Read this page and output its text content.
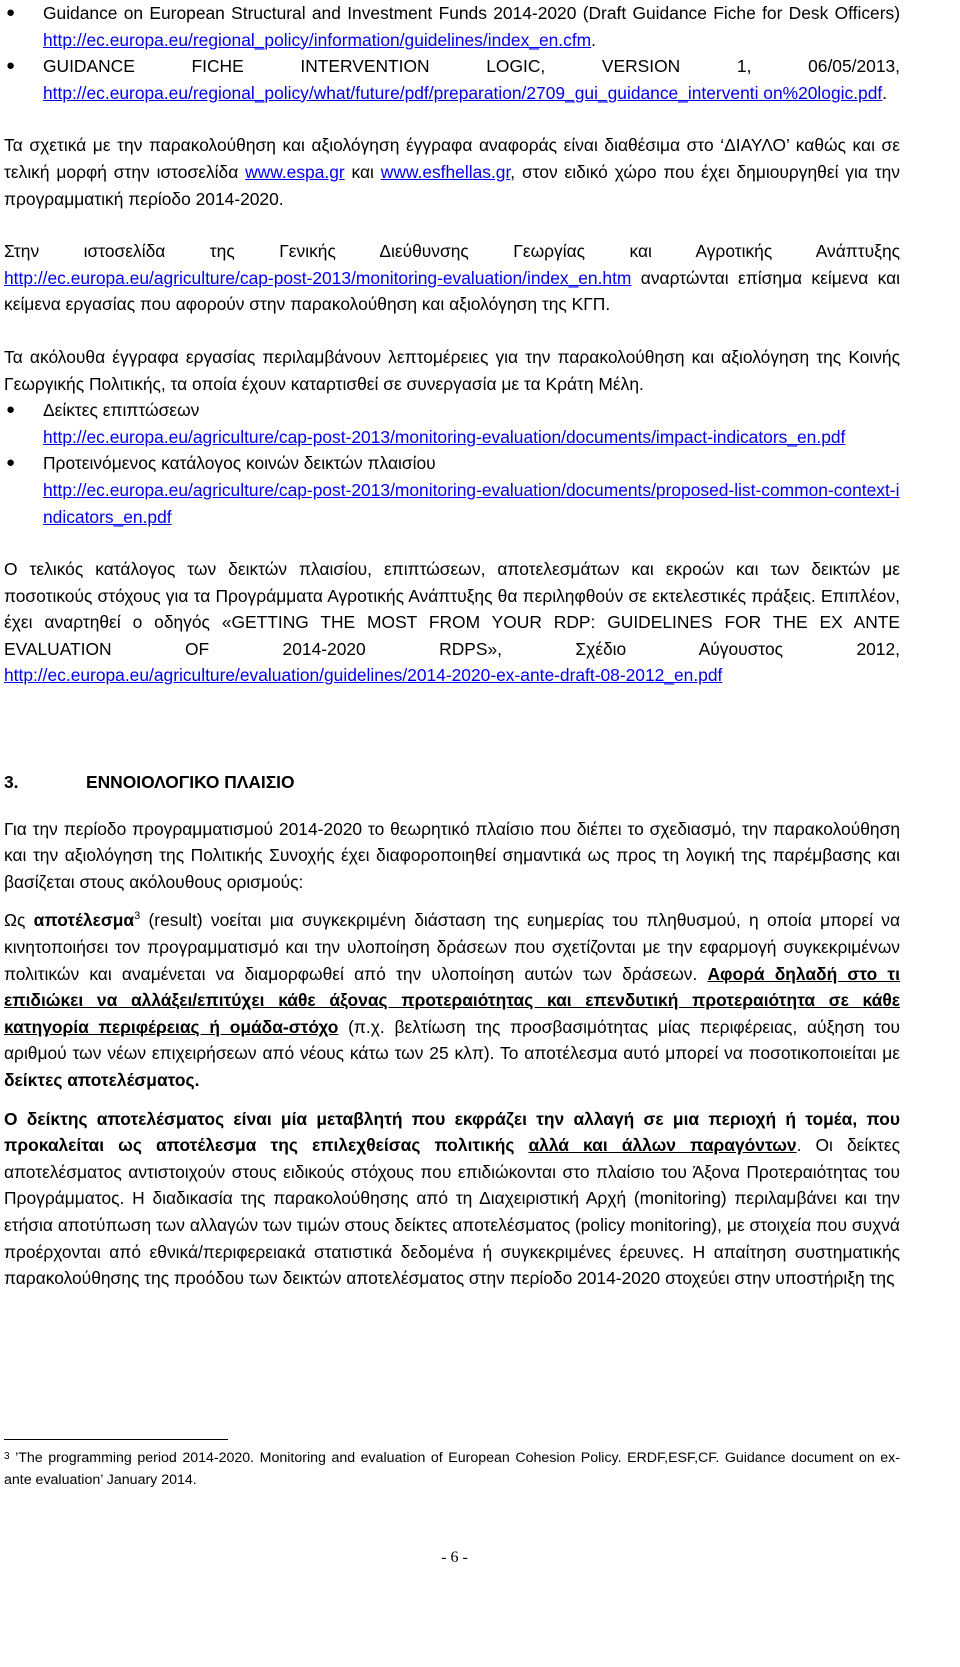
● Guidance on European Structural and Investment Funds 2014-2020 (Draft Guidance Fiche for Desk Officers) http://ec.europa.eu/regional_policy/information/guidelines/index_en.cfm.
● GUIDANCE FICHE INTERVENTION LOGIC, VERSION 1, 06/05/2013,
http://ec.europa.eu/regional_policy/what/future/pdf/preparation/2709_gui_guidance_interventi on%20logic.pdf.

Τα σχετικά με την παρακολούθηση και αξιολόγηση έγγραφα αναφοράς είναι διαθέσιμα στο ‘ΔΙΑΥΛΟ’ καθώς και σε τελική μορφή στην ιστοσελίδα www.espa.gr και www.esfhellas.gr, στον ειδικό χώρο που έχει δημιουργηθεί για την προγραμματική περίοδο 2014-2020.

Στην ιστοσελίδα της Γενικής Διεύθυνσης Γεωργίας και Αγροτικής Ανάπτυξης
http://ec.europa.eu/agriculture/cap-post-2013/monitoring-evaluation/index_en.htm αναρτώνται επίσημα κείμενα και κείμενα εργασίας που αφορούν στην παρακολούθηση και αξιολόγηση της ΚΓΠ.

Τα ακόλουθα έγγραφα εργασίας περιλαμβάνουν λεπτομέρειες για την παρακολούθηση και αξιολόγηση της Κοινής Γεωργικής Πολιτικής, τα οποία έχουν καταρτισθεί σε συνεργασία με τα Κράτη Μέλη.

● Δείκτες επιπτώσεων
http://ec.europa.eu/agriculture/cap-post-2013/monitoring-evaluation/documents/impact-indicators_en.pdf
● Προτεινόμενος κατάλογος κοινών δεικτών πλαισίου
http://ec.europa.eu/agriculture/cap-post-2013/monitoring-evaluation/documents/proposed-list-common-context-indicators_en.pdf

Ο τελικός κατάλογος των δεικτών πλαισίου, επιπτώσεων, αποτελεσμάτων και εκροών και των δεικτών με ποσοτικούς στόχους για τα Προγράμματα Αγροτικής Ανάπτυξης θα περιληφθούν σε εκτελεστικές πράξεις. Επιπλέον, έχει αναρτηθεί ο οδηγός «GETTING THE MOST FROM YOUR RDP: GUIDELINES FOR THE EX ANTE EVALUATION OF 2014-2020 RDPS», Σχέδιο Αύγουστος 2012, http://ec.europa.eu/agriculture/evaluation/guidelines/2014-2020-ex-ante-draft-08-2012_en.pdf

3.	ΕΝΝΟΙΟΛΟΓΙΚΟ ΠΛΑΙΣΙΟ

Για την περίοδο προγραμματισμού 2014-2020 το θεωρητικό πλαίσιο που διέπει το σχεδιασμό, την παρακολούθηση και την αξιολόγηση της Πολιτικής Συνοχής έχει διαφοροποιηθεί σημαντικά ως προς τη λογική της παρέμβασης και βασίζεται στους ακόλουθους ορισμούς:

Ως αποτέλεσμα$^3$ (result) νοείται μια συγκεκριμένη διάσταση της ευημερίας του πληθυσμού, η οποία μπορεί να κινητοποιήσει τον προγραμματισμό και την υλοποίηση δράσεων που σχετίζονται με την εφαρμογή συγκεκριμένων πολιτικών και αναμένεται να διαμορφωθεί από την υλοποίηση αυτών των δράσεων. Αφορά δηλαδή στο τι επιδιώκει να αλλάξει/επιτύχει κάθε άξονας προτεραιότητας και επενδυτική προτεραιότητα σε κάθε κατηγορία περιφέρειας ή ομάδα-στόχο (π.χ. βελτίωση της προσβασιμότητας μίας περιφέρειας, αύξηση του αριθμού των νέων επιχειρήσεων από νέους κάτω των 25 κλπ). Το αποτέλεσμα αυτό μπορεί να ποσοτικοποιείται με δείκτες αποτελέσματος.

Ο δείκτης αποτελέσματος είναι μία μεταβλητή που εκφράζει την αλλαγή σε μια περιοχή ή τομέα, που προκαλείται ως αποτέλεσμα της επιλεχθείσας πολιτικής αλλά και άλλων παραγόντων. Οι δείκτες αποτελέσματος αντιστοιχούν στους ειδικούς στόχους που επιδιώκονται στο πλαίσιο του Άξονα Προτεραιότητας του Προγράμματος. Η διαδικασία της παρακολούθησης από τη Διαχειριστική Αρχή (monitoring) περιλαμβάνει και την ετήσια αποτύπωση των αλλαγών των τιμών στους δείκτες αποτελέσματος (policy monitoring), με στοιχεία που συχνά προέρχονται από εθνικά/περιφερειακά στατιστικά δεδομένα ή συγκεκριμένες έρευνες. Η απαίτηση συστηματικής παρακολούθησης της προόδου των δεικτών αποτελέσματος στην περίοδο 2014-2020 στοχεύει στην υποστήριξη της

$^3$ ’The programming period 2014-2020. Monitoring and evaluation of European Cohesion Policy. ERDF,ESF,CF. Guidance document on ex-ante evaluation’ January 2014.
- 6 -
